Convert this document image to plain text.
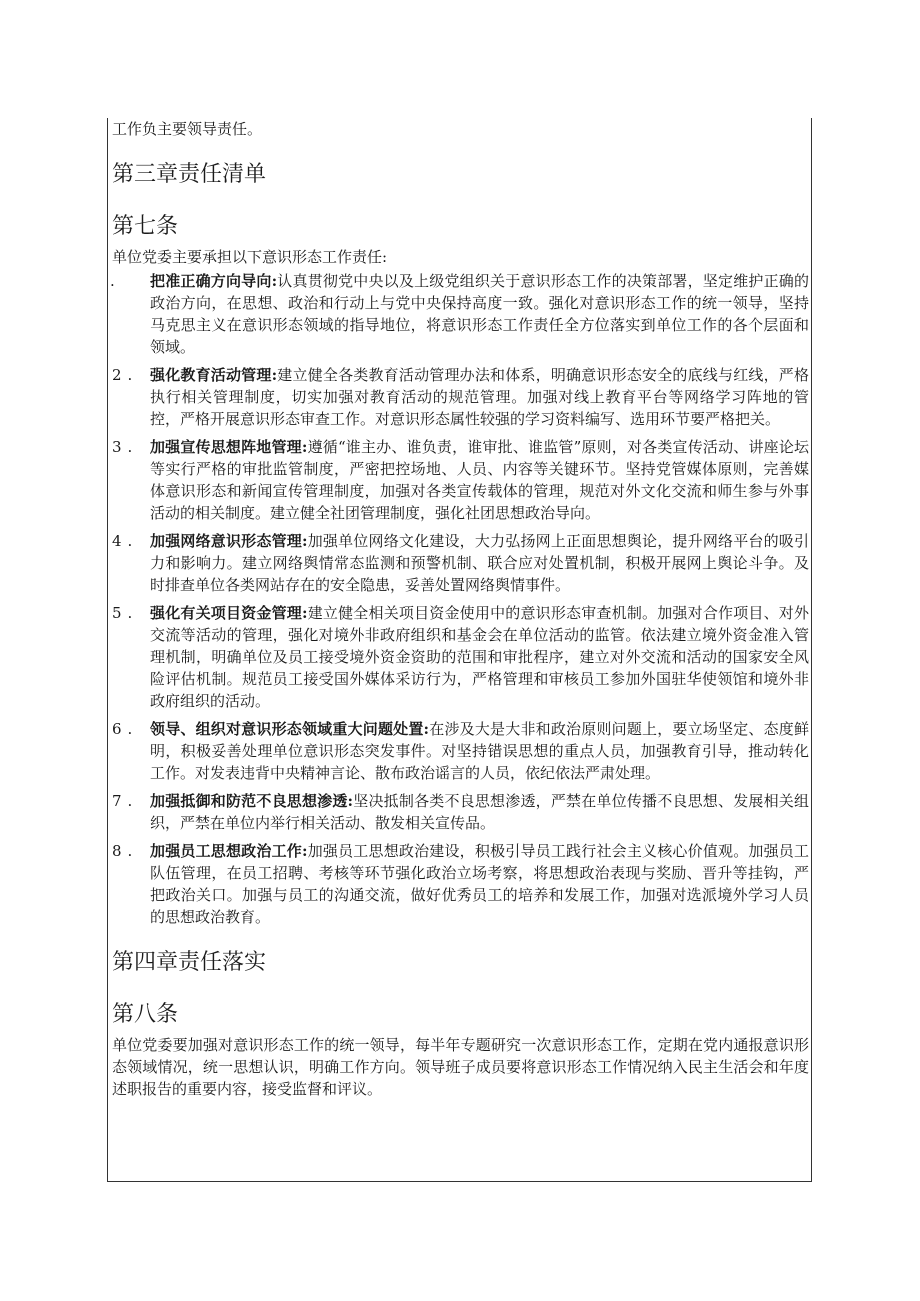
工作负主要领导责任。

第三章责任清单
第七条

单位党委主要承担以下意识形态工作责任:

.	把准正确方向导向:认真贯彻党中央以及上级党组织关于意识形态工作的决策部署，坚定维护正确的政治方向，在思想、政治和行动上与党中央保持高度一致。强化对意识形态工作的统一领导，坚持马克思主义在意识形态领域的指导地位，将意识形态工作责任全方位落实到单位工作的各个层面和领域。
2. 强化教育活动管理:建立健全各类教育活动管理办法和体系，明确意识形态安全的底线与红线，严格执行相关管理制度，切实加强对教育活动的规范管理。加强对线上教育平台等网络学习阵地的管控，严格开展意识形态审查工作。对意识形态属性较强的学习资料编写、选用环节要严格把关。
3. 加强宣传思想阵地管理:遵循“谁主办、谁负责，谁审批、谁监管”原则，对各类宣传活动、讲座论坛等实行严格的审批监管制度，严密把控场地、人员、内容等关键环节。坚持党管媒体原则，完善媒体意识形态和新闻宣传管理制度，加强对各类宣传载体的管理，规范对外文化交流和师生参与外事活动的相关制度。建立健全社团管理制度，强化社团思想政治导向。
4. 加强网络意识形态管理:加强单位网络文化建设，大力弘扬网上正面思想舆论，提升网络平台的吸引力和影响力。建立网络舆情常态监测和预警机制、联合应对处置机制，积极开展网上舆论斗争。及时排查单位各类网站存在的安全隐患，妥善处置网络舆情事件。
5. 强化有关项目资金管理:建立健全相关项目资金使用中的意识形态审查机制。加强对合作项目、对外交流等活动的管理，强化对境外非政府组织和基金会在单位活动的监管。依法建立境外资金准入管理机制，明确单位及员工接受境外资金资助的范围和审批程序，建立对外交流和活动的国家安全风险评估机制。规范员工接受国外媒体采访行为，严格管理和审核员工参加外国驻华使领馆和境外非政府组织的活动。
6. 领导、组织对意识形态领域重大问题处置:在涉及大是大非和政治原则问题上，要立场坚定、态度鲜明，积极妥善处理单位意识形态突发事件。对坚持错误思想的重点人员，加强教育引导，推动转化工作。对发表违背中央精神言论、散布政治谣言的人员，依纪依法严肃处理。
7. 加强抵御和防范不良思想渗透:坚决抵制各类不良思想渗透，严禁在单位传播不良思想、发展相关组织，严禁在单位内举行相关活动、散发相关宣传品。
8. 加强员工思想政治工作:加强员工思想政治建设，积极引导员工践行社会主义核心价值观。加强员工队伍管理，在员工招聘、考核等环节强化政治立场考察，将思想政治表现与奖励、晋升等挂钩，严把政治关口。加强与员工的沟通交流，做好优秀员工的培养和发展工作，加强对选派境外学习人员的思想政治教育。
第四章责任落实
第八条

单位党委要加强对意识形态工作的统一领导，每半年专题研究一次意识形态工作，定期在党内通报意识形态领域情况，统一思想认识，明确工作方向。领导班子成员要将意识形态工作情况纳入民主生活会和年度述职报告的重要内容，接受监督和评议。
